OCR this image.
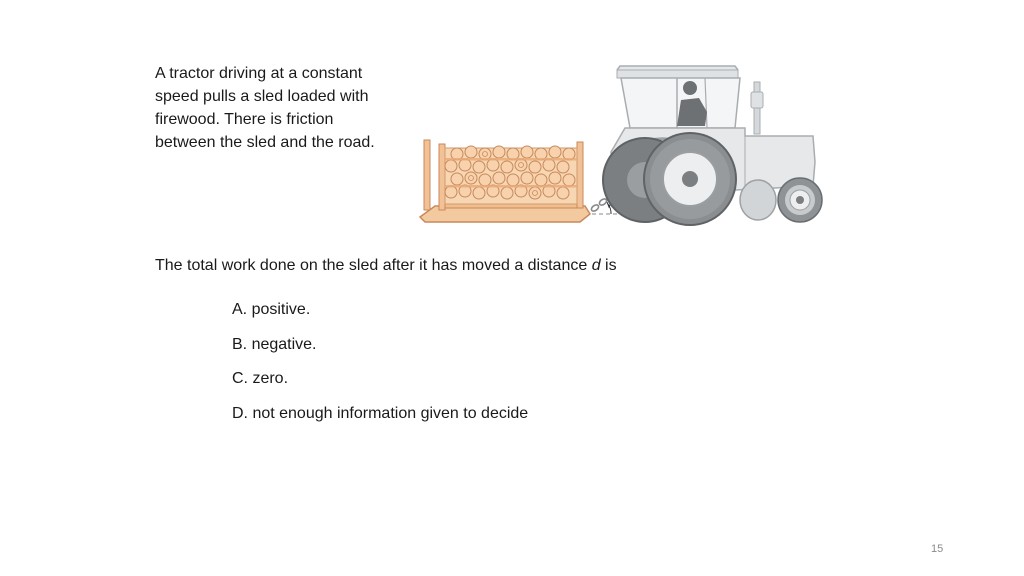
A tractor driving at a constant
speed pulls a sled loaded with
firewood. There is friction
between the sled and the road.
The total work done on the sled after it has moved a distance d is
A. positive.
B. negative.
C. zero.
D. not enough information given to decide
15
